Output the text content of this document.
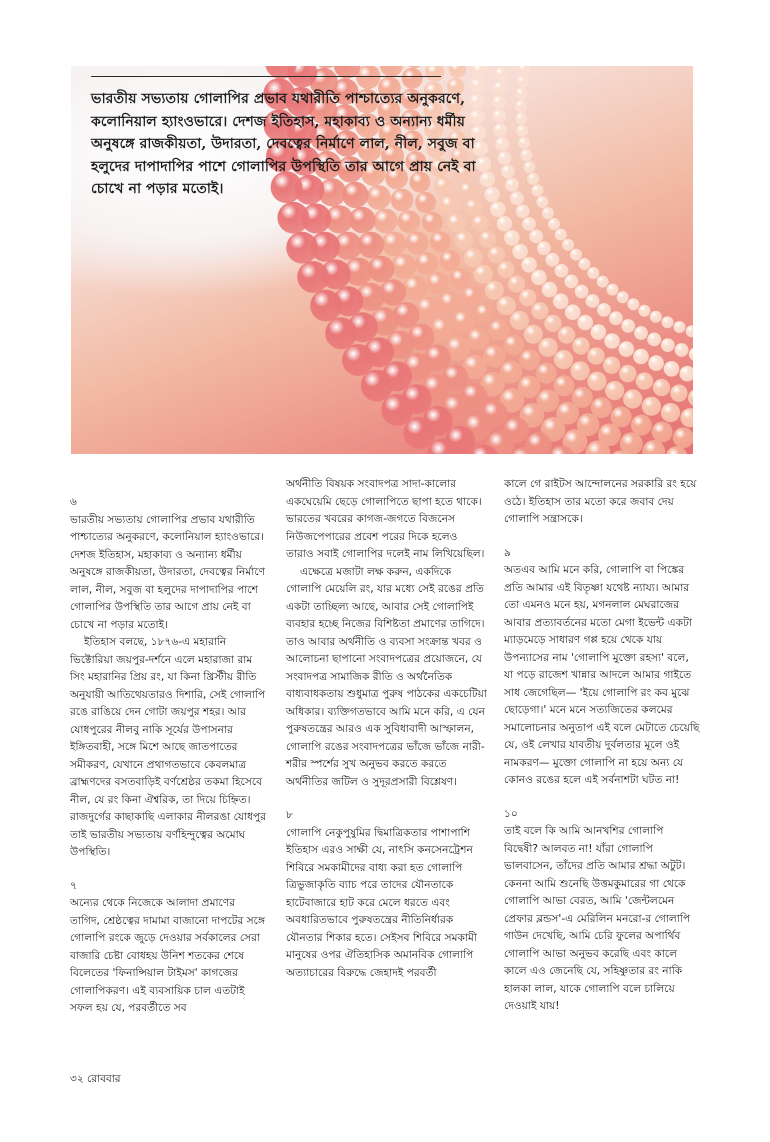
ভারতীয় সভ্যতায় গোলাপির প্রভাব যথারীতি পাশ্চাত্যের অনুকরণে, কলোনিয়াল হ্যাংওভারে। দেশজ ইতিহাস, মহাকাব্য ও অন্যান্য ধর্মীয় অনুষঙ্গে রাজকীয়তা, উদারতা, দেবত্বের নির্মাণে লাল, নীল, সবুজ বা হলুদের দাপাদাপির পাশে গোলাপির উপস্থিতি তার আগে প্রায় নেই বা চোখে না পড়ার মতোই।

৬

ভারতীয় সভ্যতায় গোলাপির প্রভাব যথারীতি পাশ্চাত্যের অনুকরণে, কলোনিয়াল হ্যাংওভারে। দেশজ ইতিহাস, মহাকাব্য ও অন্যান্য ধর্মীয় অনুষঙ্গে রাজকীয়তা, উদারতা, দেবত্বের নির্মাণে লাল, নীল, সবুজ বা হলুদের দাপাদাপির পাশে গোলাপির উপস্থিতি তার আগে প্রায় নেই বা চোখে না পড়ার মতোই।

ইতিহাস বলছে, ১৮৭৬-এ মহারানি ভিক্টোরিয়া জয়পুর-দর্শনে এলে মহারাজা রাম সিং মহারানির প্রিয় রং, যা কিনা খ্রিস্টীয় রীতি অনুযায়ী আতিথেয়তারও দিশারি, সেই গোলাপি রঙে রাঙিয়ে দেন গোটা জয়পুর শহর। আর যোধপুরের নীলবু নাকি সূর্যের উপাসনার ইঙ্গিতবাহী, সঙ্গে মিশে আছে জাতপাতের সমীকরণ, যেখানে প্রথাগতভাবে কেবলমাত্র ব্রাহ্মণদের বসতবাড়িই বর্ণশ্রেষ্ঠর তকমা হিসেবে নীল, যে রং কিনা ঐশ্বরিক, তা দিয়ে চিহ্নিত। রাজদুর্গের কাছাকাছি এলাকার নীলরঙা যোধপুর তাই ভারতীয় সভ্যতায় বর্ণহিন্দুত্বের অমোঘ উপস্থিতি।

৭

অন্যের থেকে নিজেকে আলাদা প্রমাণের তাগিদ, শ্রেষ্ঠত্বের দামামা বাজানো দাপটের সঙ্গে গোলাপি রংকে জুড়ে দেওয়ার সর্বকালের সেরা বাজারি চেষ্টা বোধহয় উনিশ শতকের শেষে বিলেতের 'ফিনান্সিয়াল টাইমস' কাগজের গোলাপিকরণ। এই ব্যবসায়িক চাল এতটাই সফল হয় যে, পরবর্তীতে সব

অর্থনীতি বিষয়ক সংবাদপত্র সাদা-কালোর একঘেয়েমি ছেড়ে গোলাপিতে ছাপা হতে থাকে। ভারতের খবরের কাগজ-জগতে বিজনেস নিউজপেপারের প্রবেশ পরের দিকে হলেও তারাও সবাই গোলাপির দলেই নাম লিখিয়েছিল।

এক্ষেত্রে মজাটা লক্ষ করুন, একদিকে গোলাপি মেয়েলি রং, যার মধ্যে সেই রঙের প্রতি একটা তাচ্ছিল্য আছে, আবার সেই গোলাপিই ব্যবহার হচ্ছে নিজের বিশিষ্টতা প্রমাণের তাগিদে। তাও আবার অর্থনীতি ও ব্যবসা সংক্রান্ত খবর ও আলোচনা ছাপানো সংবাদপত্রের প্রয়োজনে, যে সংবাদপত্র সামাজিক রীতি ও অর্থনৈতিক বাধ্যবাধকতায় শুধুমাত্র পুরুষ পাঠকের একচেটিয়া অধিকার। ব্যক্তিগতভাবে আমি মনে করি, এ যেন পুরুষতন্ত্রের আরও এক সুবিধাবাদী আস্ফালন, গোলাপি রঙের সংবাদপত্রের ভাঁজে ভাঁজে নারী-শরীর স্পর্শের সুখ অনুভব করতে করতে অর্থনীতির জটিল ও সুদূরপ্রসারী বিশ্লেষণ।

৮

গোলাপি নেকুপুষুমির দ্বিমাত্রিকতার পাশাপাশি ইতিহাস এরও সাক্ষী যে, নাৎসি কনসেনট্রেশন শিবিরে সমকামীদের বাধ্য করা হত গোলাপি ত্রিভুজাকৃতি ব্যাচ পরে তাদের যৌনতাকে হাটেবাজারে হাট করে মেলে ধরতে এবং অবধারিতভাবে পুরুষতন্ত্রের নীতিনির্ধারক যৌনতার শিকার হতে। সেইসব শিবিরে সমকামী মানুষের ওপর ঐতিহাসিক অমানবিক গোলাপি অত্যাচারের বিরুদ্ধে জেহাদই পরবর্তী

কালে গে রাইটস আন্দোলনের সরকারি রং হয়ে ওঠে। ইতিহাস তার মতো করে জবাব দেয় গোলাপি সন্ত্রাসকে।

৯

অতএব আমি মনে করি, গোলাপি বা পিঙ্কের প্রতি আমার এই বিতৃষ্ণা যথেষ্ট ন্যায্য। আমার তো এমনও মনে হয়, মগনলাল মেঘরাজের আবার প্রত্যাবর্তনের মতো মেগা ইভেন্ট একটা ম্যাড়মেড়ে সাধারণ গপ্প হয়ে থেকে যায় উপন্যাসের নাম 'গোলাপি মুক্তো রহস্য' বলে, যা পড়ে রাজেশ খান্নার আদলে আমার গাইতে সাধ জেগেছিল— 'ইয়ে গোলাপি রং কব মুঝে ছোড়েগা।' মনে মনে সত্যজিতের কলমের সমালোচনার অনুতাপ এই বলে মেটাতে চেয়েছি যে, ওই লেখার যাবতীয় দুর্বলতার মূলে ওই নামকরণ— মুক্তো গোলাপি না হয়ে অন্য যে কোনও রঙের হলে এই সর্বনাশটা ঘটত না!

১০

তাই বলে কি আমি আনখশির গোলাপি বিদ্বেষী? আলবত না! যাঁরা গোলাপি ভালবাসেন, তাঁদের প্রতি আমার শ্রদ্ধা অটুট। কেননা আমি শুনেছি উত্তমকুমারের গা থেকে গোলাপি আভা বেরত, আমি 'জেন্টলমেন প্রেফার ব্লন্ডস'-এ মেরিলিন মনরো-র গোলাপি গাউন দেখেছি, আমি চেরি ফুলের অপার্থিব গোলাপি আভা অনুভব করেছি এবং কালে কালে এও জেনেছি যে, সহিষ্ণুতার রং নাকি হালকা লাল, যাকে গোলাপি বলে চালিয়ে দেওয়াই যায়!

৩২ রোববার
